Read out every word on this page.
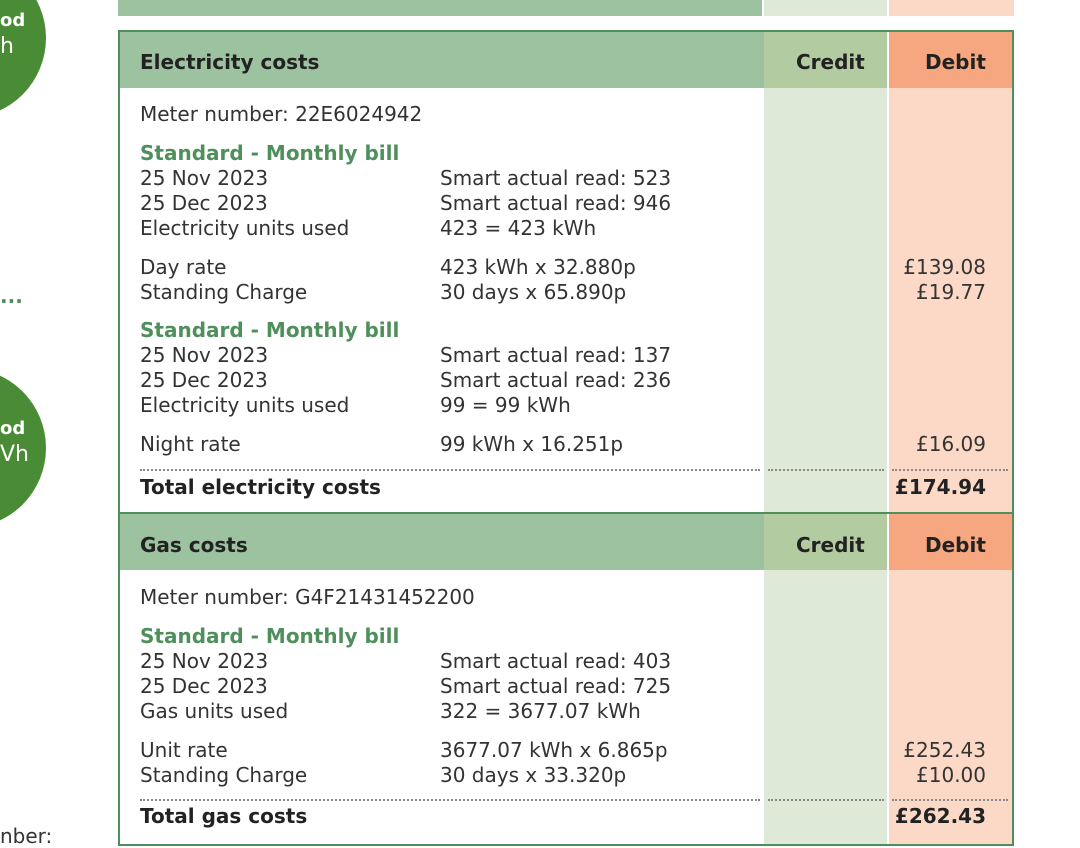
od
h
...
od
Vh
nber:
Electricity costs	Credit	Debit
Meter number: 22E6024942
Standard - Monthly bill
25 Nov 2023	Smart actual read: 523
25 Dec 2023	Smart actual read: 946
Electricity units used	423 = 423 kWh
Day rate	423 kWh x 32.880p	£139.08
Standing Charge	30 days x 65.890p	£19.77
Standard - Monthly bill
25 Nov 2023	Smart actual read: 137
25 Dec 2023	Smart actual read: 236
Electricity units used	99 = 99 kWh
Night rate	99 kWh x 16.251p	£16.09
Total electricity costs	£174.94
Gas costs	Credit	Debit
Meter number: G4F21431452200
Standard - Monthly bill
25 Nov 2023	Smart actual read: 403
25 Dec 2023	Smart actual read: 725
Gas units used	322 = 3677.07 kWh
Unit rate	3677.07 kWh x 6.865p	£252.43
Standing Charge	30 days x 33.320p	£10.00
Total gas costs	£262.43
